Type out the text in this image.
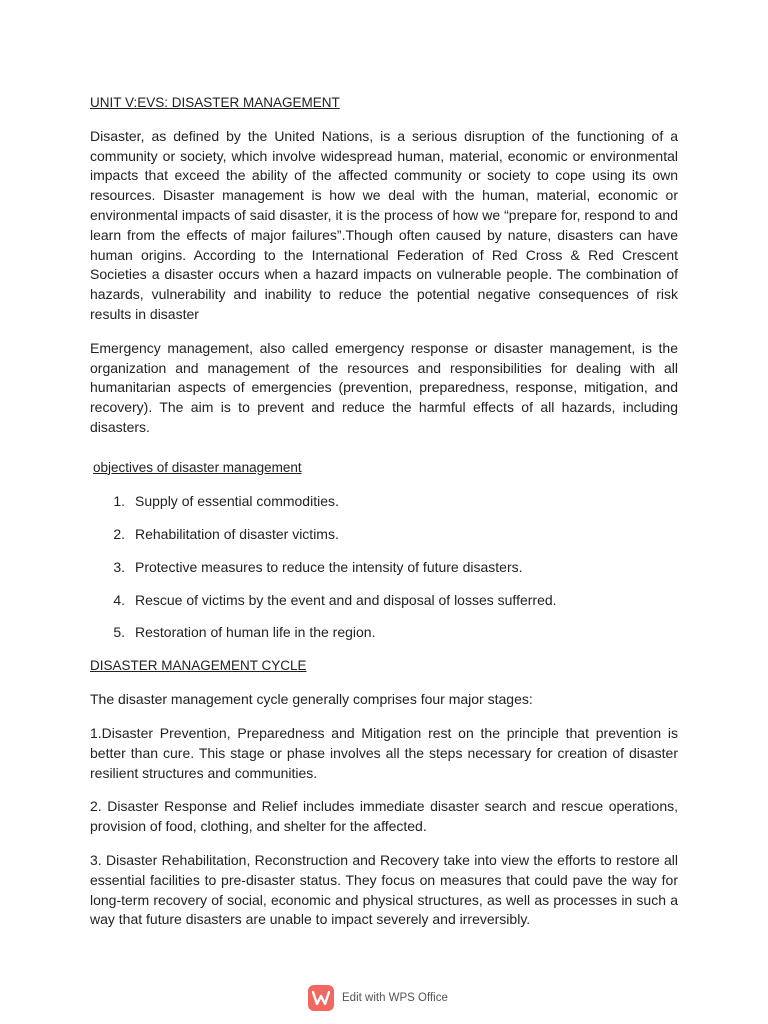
UNIT V:EVS: DISASTER MANAGEMENT

Disaster, as defined by the United Nations, is a serious disruption of the functioning of a community or society, which involve widespread human, material, economic or environmental impacts that exceed the ability of the affected community or society to cope using its own resources. Disaster management is how we deal with the human, material, economic or environmental impacts of said disaster, it is the process of how we “prepare for, respond to and learn from the effects of major failures”.Though often caused by nature, disasters can have human origins. According to the International Federation of Red Cross & Red Crescent Societies a disaster occurs when a hazard impacts on vulnerable people. The combination of hazards, vulnerability and inability to reduce the potential negative consequences of risk results in disaster

Emergency management, also called emergency response or disaster management, is the organization and management of the resources and responsibilities for dealing with all humanitarian aspects of emergencies (prevention, preparedness, response, mitigation, and recovery). The aim is to prevent and reduce the harmful effects of all hazards, including disasters.

objectives of disaster management
1. Supply of essential commodities.
2. Rehabilitation of disaster victims.
3. Protective measures to reduce the intensity of future disasters.
4. Rescue of victims by the event and and disposal of losses sufferred.
5. Restoration of human life in the region.
DISASTER MANAGEMENT CYCLE

The disaster management cycle generally comprises four major stages:

1.Disaster Prevention, Preparedness and Mitigation rest on the principle that prevention is better than cure. This stage or phase involves all the steps necessary for creation of disaster resilient structures and communities.

2. Disaster Response and Relief includes immediate disaster search and rescue operations, provision of food, clothing, and shelter for the affected.

3. Disaster Rehabilitation, Reconstruction and Recovery take into view the efforts to restore all essential facilities to pre-disaster status. They focus on measures that could pave the way for long-term recovery of social, economic and physical structures, as well as processes in such a way that future disasters are unable to impact severely and irreversibly.

Edit with WPS Office
